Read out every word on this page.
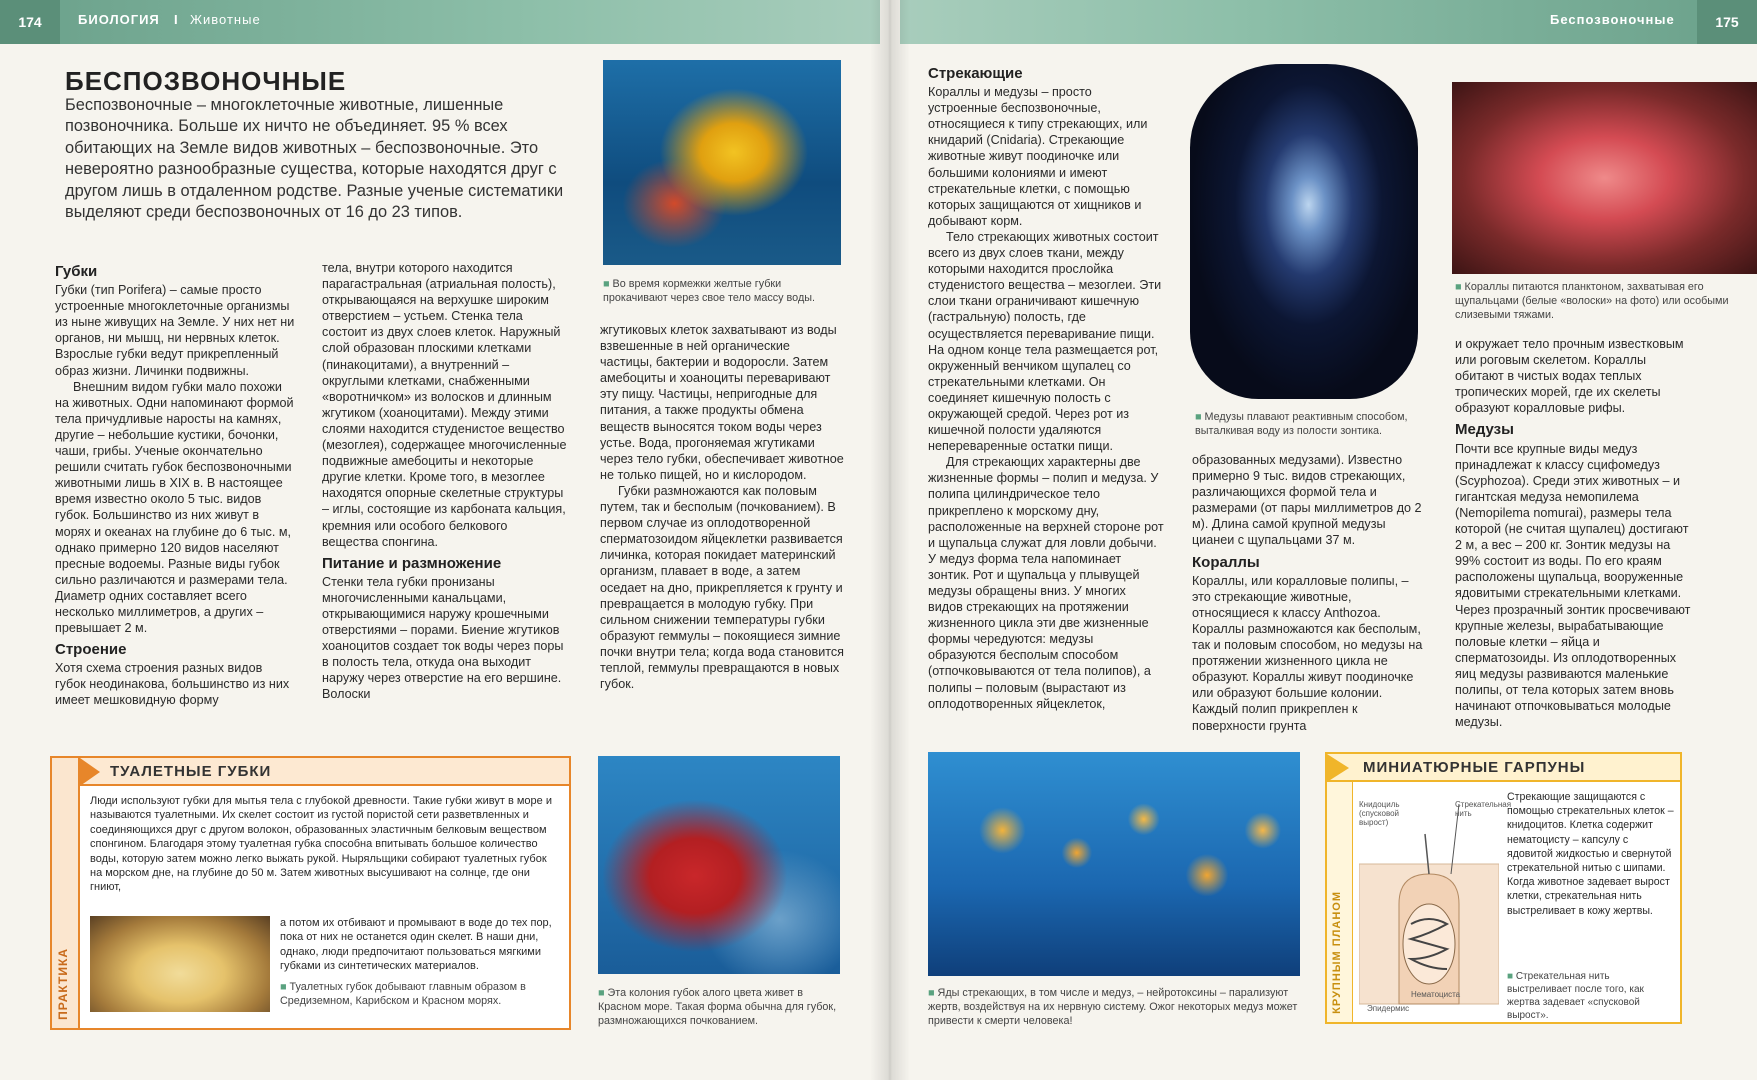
174	БИОЛОГИЯ I Животные	Беспозвоночные	175
БЕСПОЗВОНОЧНЫЕ
Беспозвоночные – многоклеточные животные, лишенные позвоночника. Больше их ничто не объединяет. 95 % всех обитающих на Земле видов животных – беспозвоночные. Это невероятно разнообразные существа, которые находятся друг с другом лишь в отдаленном родстве. Разные ученые систематики выделяют среди беспозвоночных от 16 до 23 типов.
Губки

Губки (тип Porifera) – самые просто устроенные многоклеточные организмы из ныне живущих на Земле. У них нет ни органов, ни мышц, ни нервных клеток. Взрослые губки ведут прикрепленный образ жизни. Личинки подвижны.

Внешним видом губки мало похожи на животных. Одни напоминают формой тела причудливые наросты на камнях, другие – небольшие кустики, бочонки, чаши, грибы. Ученые окончательно решили считать губок беспозвоночными животными лишь в XIX в. В настоящее время известно около 5 тыс. видов губок. Большинство из них живут в морях и океанах на глубине до 6 тыс. м, однако примерно 120 видов населяют пресные водоемы. Разные виды губок сильно различаются и размерами тела. Диаметр одних составляет всего несколько миллиметров, а других – превышает 2 м.

Строение

Хотя схема строения разных видов губок неодинакова, большинство из них имеет мешковидную форму

тела, внутри которого находится парагастральная (атриальная полость), открывающаяся на верхушке широким отверстием – устьем. Стенка тела состоит из двух слоев клеток. Наружный слой образован плоскими клетками (пинакоцитами), а внутренний – округлыми клетками, снабженными «воротничком» из волосков и длинным жгутиком (хоаноцитами). Между этими слоями находится студенистое вещество (мезоглея), содержащее многочисленные подвижные амебоциты и некоторые другие клетки. Кроме того, в мезоглее находятся опорные скелетные структуры – иглы, состоящие из карбоната кальция, кремния или особого белкового вещества спонгина.

Питание и размножение

Стенки тела губки пронизаны многочисленными канальцами, открывающимися наружу крошечными отверстиями – порами. Биение жгутиков хоаноцитов создает ток воды через поры в полость тела, откуда она выходит наружу через отверстие на его вершине. Волоски

■ Во время кормежки желтые губки прокачивают через свое тело массу воды.

жгутиковых клеток захватывают из воды взвешенные в ней органические частицы, бактерии и водоросли. Затем амебоциты и хоаноциты переваривают эту пищу. Частицы, непригодные для питания, а также продукты обмена веществ выносятся током воды через устье. Вода, прогоняемая жгутиками через тело губки, обеспечивает животное не только пищей, но и кислородом.

Губки размножаются как половым путем, так и бесполым (почкованием). В первом случае из оплодотворенной сперматозоидом яйцеклетки развивается личинка, которая покидает материнский организм, плавает в воде, а затем оседает на дно, прикрепляется к грунту и превращается в молодую губку. При сильном снижении температуры губки образуют геммулы – покоящиеся зимние почки внутри тела; когда вода становится теплой, геммулы превращаются в новых губок.

ПРАКТИКА
ТУАЛЕТНЫЕ ГУБКИ
Люди используют губки для мытья тела с глубокой древности. Такие губки живут в море и называются туалетными. Их скелет состоит из густой пористой сети разветвленных и соединяющихся друг с другом волокон, образованных эластичным белковым веществом спонгином. Благодаря этому туалетная губка способна впитывать большое количество воды, которую затем можно легко выжать рукой. Ныряльщики собирают туалетных губок на морском дне, на глубине до 50 м. Затем животных высушивают на солнце, где они гниют,
а потом их отбивают и промывают в воде до тех пор, пока от них не останется один скелет. В наши дни, однако, люди предпочитают пользоваться мягкими губками из синтетических материалов.
■ Туалетных губок добывают главным образом в Средиземном, Карибском и Красном морях.
■ Эта колония губок алого цвета живет в Красном море. Такая форма обычна для губок, размножающихся почкованием.
Стрекающие

Кораллы и медузы – просто устроенные беспозвоночные, относящиеся к типу стрекающих, или книдарий (Cnidaria). Стрекающие животные живут поодиночке или большими колониями и имеют стрекательные клетки, с помощью которых защищаются от хищников и добывают корм.

Тело стрекающих животных состоит всего из двух слоев ткани, между которыми находится прослойка студенистого вещества – мезоглеи. Эти слои ткани ограничивают кишечную (гастральную) полость, где осуществляется переваривание пищи. На одном конце тела размещается рот, окруженный венчиком щупалец со стрекательными клетками. Он соединяет кишечную полость с окружающей средой. Через рот из кишечной полости удаляются непереваренные остатки пищи.

Для стрекающих характерны две жизненные формы – полип и медуза. У полипа цилиндрическое тело прикреплено к морскому дну, расположенные на верхней стороне рот и щупальца служат для ловли добычи. У медуз форма тела напоминает зонтик. Рот и щупальца у плывущей медузы обращены вниз. У многих видов стрекающих на протяжении жизненного цикла эти две жизненные формы чередуются: медузы образуются бесполым способом (отпочковываются от тела полипов), а полипы – половым (вырастают из оплодотворенных яйцеклеток,

■ Медузы плавают реактивным способом, выталкивая воду из полости зонтика.

образованных медузами). Известно примерно 9 тыс. видов стрекающих, различающихся формой тела и размерами (от пары миллиметров до 2 м). Длина самой крупной медузы цианеи с щупальцами 37 м.

Кораллы

Кораллы, или коралловые полипы, – это стрекающие животные, относящиеся к классу Anthozoa. Кораллы размножаются как бесполым, так и половым способом, но медузы на протяжении жизненного цикла не образуют. Кораллы живут поодиночке или образуют большие колонии. Каждый полип прикреплен к поверхности грунта

■ Кораллы питаются планктоном, захватывая его щупальцами (белые «волоски» на фото) или особыми слизевыми тяжами.

и окружает тело прочным известковым или роговым скелетом. Кораллы обитают в чистых водах теплых тропических морей, где их скелеты образуют коралловые рифы.

Медузы

Почти все крупные виды медуз принадлежат к классу сцифомедуз (Scyphozoa). Среди этих животных – и гигантская медуза немопилема (Nemopilema nomurai), размеры тела которой (не считая щупалец) достигают 2 м, а вес – 200 кг. Зонтик медузы на 99% состоит из воды. По его краям расположены щупальца, вооруженные ядовитыми стрекательными клетками. Через прозрачный зонтик просвечивают крупные железы, вырабатывающие половые клетки – яйца и сперматозоиды. Из оплодотворенных яиц медузы развиваются маленькие полипы, от тела которых затем вновь начинают отпочковываться молодые медузы.

■ Яды стрекающих, в том числе и медуз, – нейротоксины – парализуют жертв, воздействуя на их нервную систему. Ожог некоторых медуз может привести к смерти человека!
МИНИАТЮРНЫЕ ГАРПУНЫ
КРУПНЫМ ПЛАНОМ
Книдоциль (спусковой вырост)
Стрекательная нить
Нематоциста
Эпидермис
Стрекающие защищаются с помощью стрекательных клеток – книдоцитов. Клетка содержит нематоцисту – капсулу с ядовитой жидкостью и свернутой стрекательной нитью с шипами. Когда животное задевает вырост клетки, стрекательная нить выстреливает в кожу жертвы.
■ Стрекательная нить выстреливает после того, как жертва задевает «спусковой вырост».
